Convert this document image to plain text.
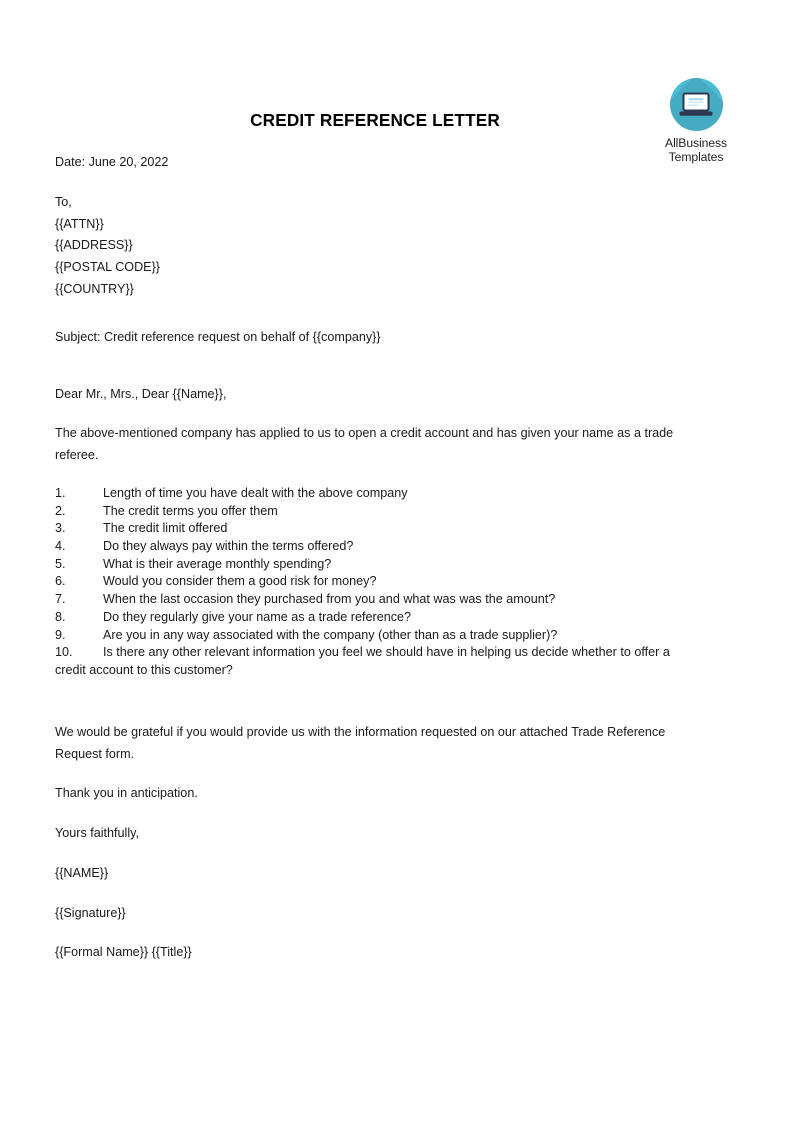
AllBusiness
Templates
CREDIT REFERENCE LETTER
Date: June 20, 2022
To,
{{ATTN}}
{{ADDRESS}}
{{POSTAL CODE}}
{{COUNTRY}}
Subject: Credit reference request on behalf of {{company}}
Dear Mr., Mrs., Dear {{Name}},

The above-mentioned company has applied to us to open a credit account and has given your name as a trade referee.

1.	Length of time you have dealt with the above company
2.	The credit terms you offer them
3.	The credit limit offered
4.	Do they always pay within the terms offered?
5.	What is their average monthly spending?
6.	Would you consider them a good risk for money?
7.	When the last occasion they purchased from you and what was was the amount?
8.	Do they regularly give your name as a trade reference?
9.	Are you in any way associated with the company (other than as a trade supplier)?
10. Is there any other relevant information you feel we should have in helping us decide whether to offer a credit account to this customer?

We would be grateful if you would provide us with the information requested on our attached Trade Reference Request form.

Thank you in anticipation.
Yours faithfully,
{{NAME}}
{{Signature}}
{{Formal Name}} {{Title}}
